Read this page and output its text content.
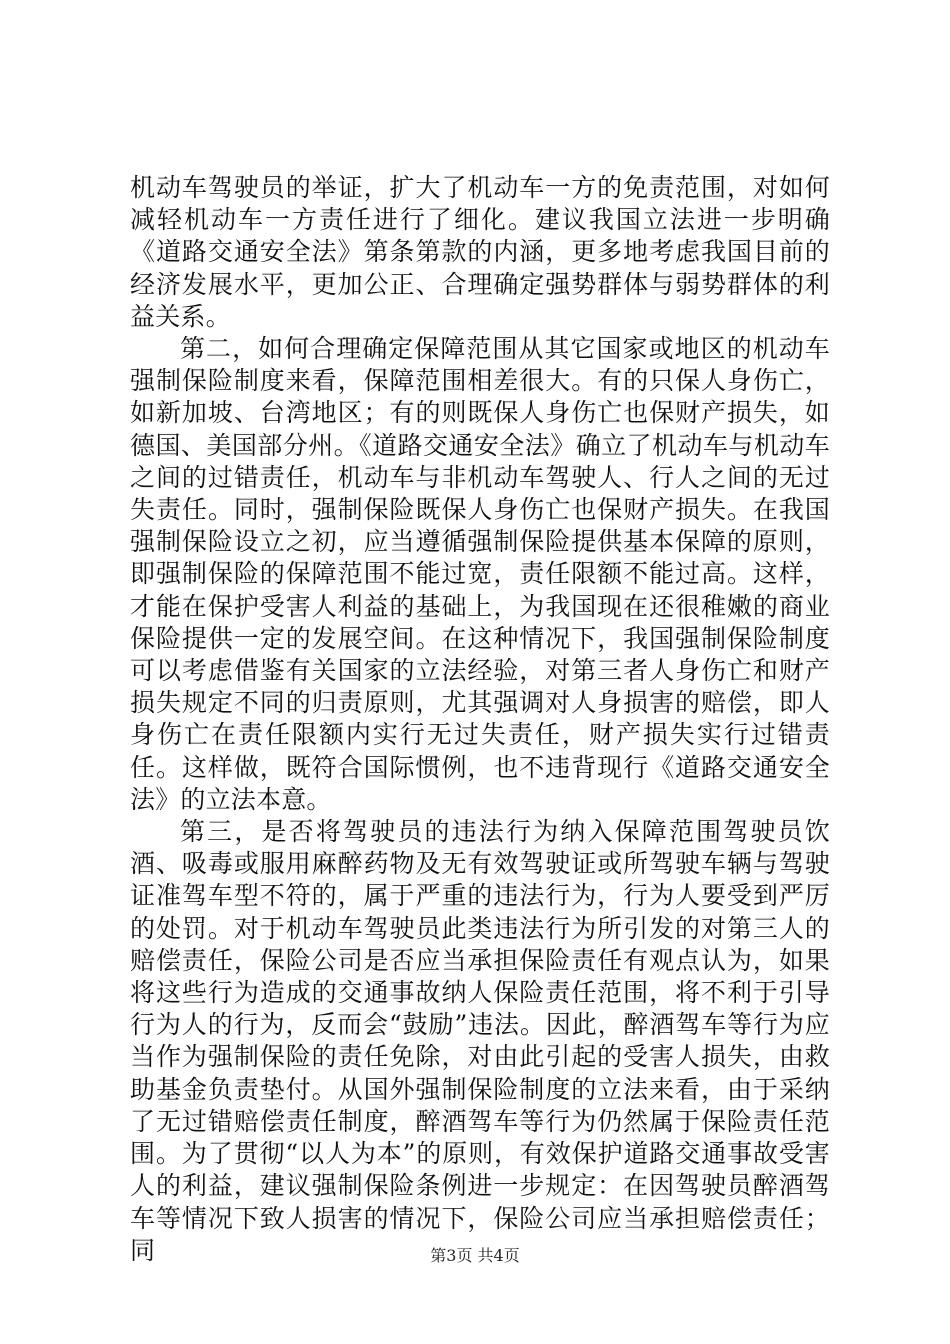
机动车驾驶员的举证，扩大了机动车一方的免责范围，对如何减轻机动车一方责任进行了细化。建议我国立法进一步明确《道路交通安全法》第条第款的内涵，更多地考虑我国目前的经济发展水平，更加公正、合理确定强势群体与弱势群体的利益关系。

第二，如何合理确定保障范围从其它国家或地区的机动车强制保险制度来看，保障范围相差很大。有的只保人身伤亡，如新加坡、台湾地区；有的则既保人身伤亡也保财产损失，如德国、美国部分州。《道路交通安全法》确立了机动车与机动车之间的过错责任，机动车与非机动车驾驶人、行人之间的无过失责任。同时，强制保险既保人身伤亡也保财产损失。在我国强制保险设立之初，应当遵循强制保险提供基本保障的原则，即强制保险的保障范围不能过宽，责任限额不能过高。这样，才能在保护受害人利益的基础上，为我国现在还很稚嫩的商业保险提供一定的发展空间。在这种情况下，我国强制保险制度可以考虑借鉴有关国家的立法经验，对第三者人身伤亡和财产损失规定不同的归责原则，尤其强调对人身损害的赔偿，即人身伤亡在责任限额内实行无过失责任，财产损失实行过错责任。这样做，既符合国际惯例，也不违背现行《道路交通安全法》的立法本意。

第三，是否将驾驶员的违法行为纳入保障范围驾驶员饮酒、吸毒或服用麻醉药物及无有效驾驶证或所驾驶车辆与驾驶证准驾车型不符的，属于严重的违法行为，行为人要受到严厉的处罚。对于机动车驾驶员此类违法行为所引发的对第三人的赔偿责任，保险公司是否应当承担保险责任有观点认为，如果将这些行为造成的交通事故纳人保险责任范围，将不利于引导行为人的行为，反而会“鼓励”违法。因此，醉酒驾车等行为应当作为强制保险的责任免除，对由此引起的受害人损失，由救助基金负责垫付。从国外强制保险制度的立法来看，由于采纳了无过错赔偿责任制度，醉酒驾车等行为仍然属于保险责任范围。为了贯彻“以人为本”的原则，有效保护道路交通事故受害人的利益，建议强制保险条例进一步规定：在因驾驶员醉酒驾车等情况下致人损害的情况下，保险公司应当承担赔偿责任；同	第3页 共4页
